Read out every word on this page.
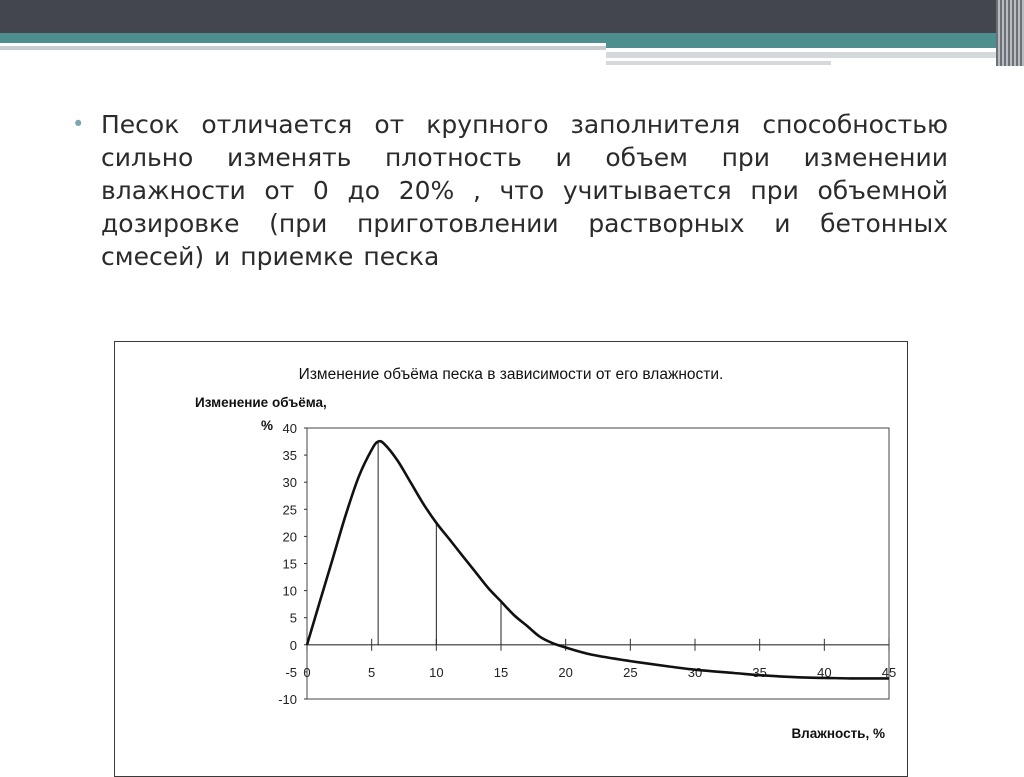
• Песок отличается от крупного заполнителя способностью сильно изменять плотность и объем при изменении влажности от 0 до 20% , что учитывается при объемной дозировке (при приготовлении растворных и бетонных смесей) и приемке песка
Изменение объёма песка в зависимости от его влажности.
Изменение объёма,
%
Влажность, %
0	5	10	15	20	25	30	35	40	45
40
35
30
25
20
15
10
5
0
-5
-10
